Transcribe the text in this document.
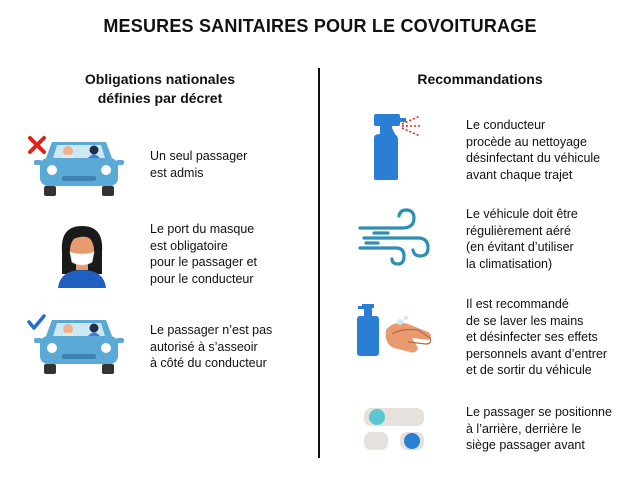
MESURES SANITAIRES POUR LE COVOITURAGE
Obligations nationales
définies par décret
Recommandations
Un seul passager
est admis
Le port du masque
est obligatoire
pour le passager et
pour le conducteur
Le passager n’est pas
autorisé à s’asseoir
à côté du conducteur
Le conducteur
procède au nettoyage
désinfectant du véhicule
avant chaque trajet
Le véhicule doit être
régulièrement aéré
(en évitant d’utiliser
la climatisation)
Il est recommandé
de se laver les mains
et désinfecter ses effets
personnels avant d’entrer
et de sortir du véhicule
Le passager se positionne
à l’arrière, derrière le
siège passager avant
